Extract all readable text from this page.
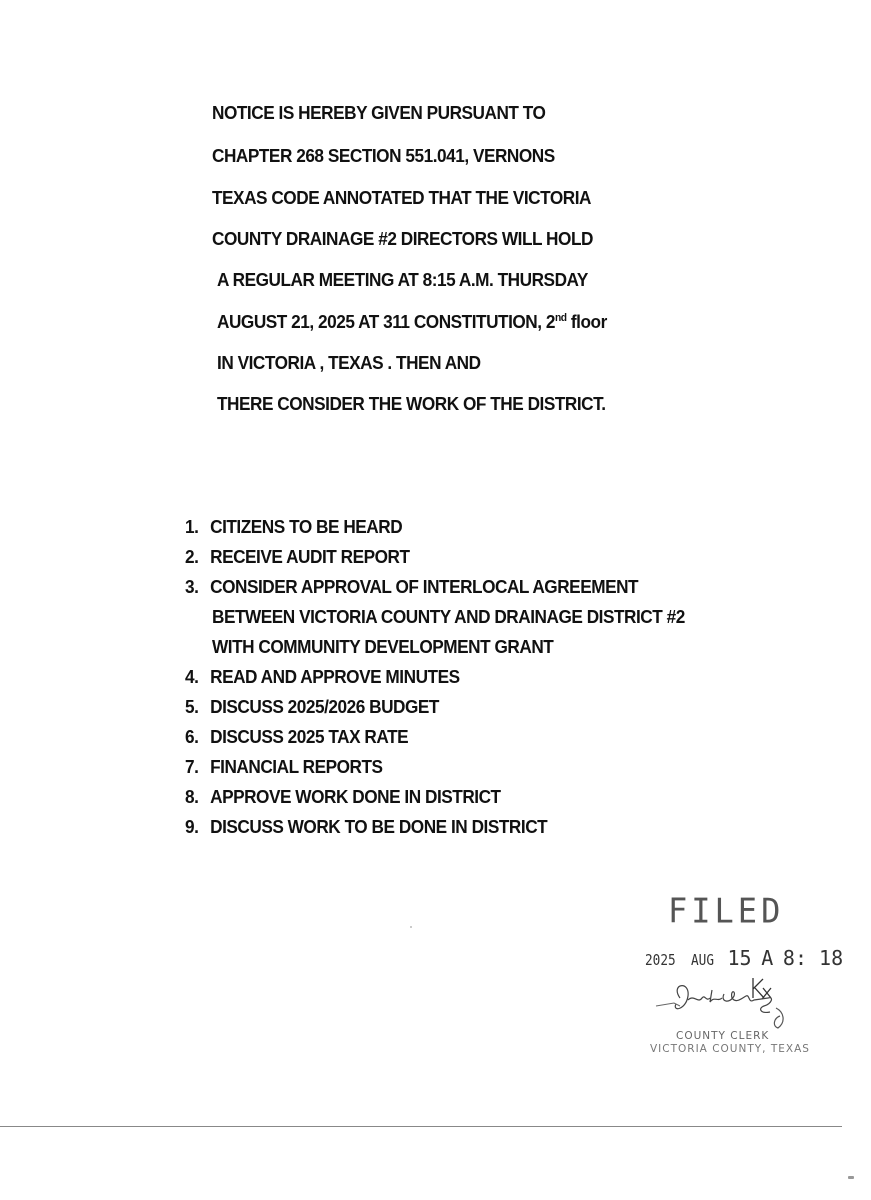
NOTICE IS HEREBY GIVEN PURSUANT TO

CHAPTER 268 SECTION 551.041, VERNONS

TEXAS CODE ANNOTATED THAT THE VICTORIA

COUNTY DRAINAGE #2 DIRECTORS WILL HOLD

A REGULAR MEETING AT 8:15 A.M. THURSDAY

AUGUST 21, 2025 AT 311 CONSTITUTION, 2nd floor

IN VICTORIA , TEXAS . THEN AND

THERE CONSIDER THE WORK OF THE DISTRICT.

1. CITIZENS TO BE HEARD

2. RECEIVE AUDIT REPORT

3. CONSIDER APPROVAL OF INTERLOCAL AGREEMENT

BETWEEN VICTORIA COUNTY AND DRAINAGE DISTRICT #2

WITH COMMUNITY DEVELOPMENT GRANT

4.READ AND APPROVE MINUTES

5. DISCUSS 2025/2026 BUDGET

6. DISCUSS 2025 TAX RATE

7. FINANCIAL REPORTS

8. APPROVE WORK DONE IN DISTRICT

9.DISCUSS WORK TO BE DONE IN DISTRICT

FILED

2025 AUG 15 A 8: 18

COUNTY CLERK

VICTORIA COUNTY, TEXAS
